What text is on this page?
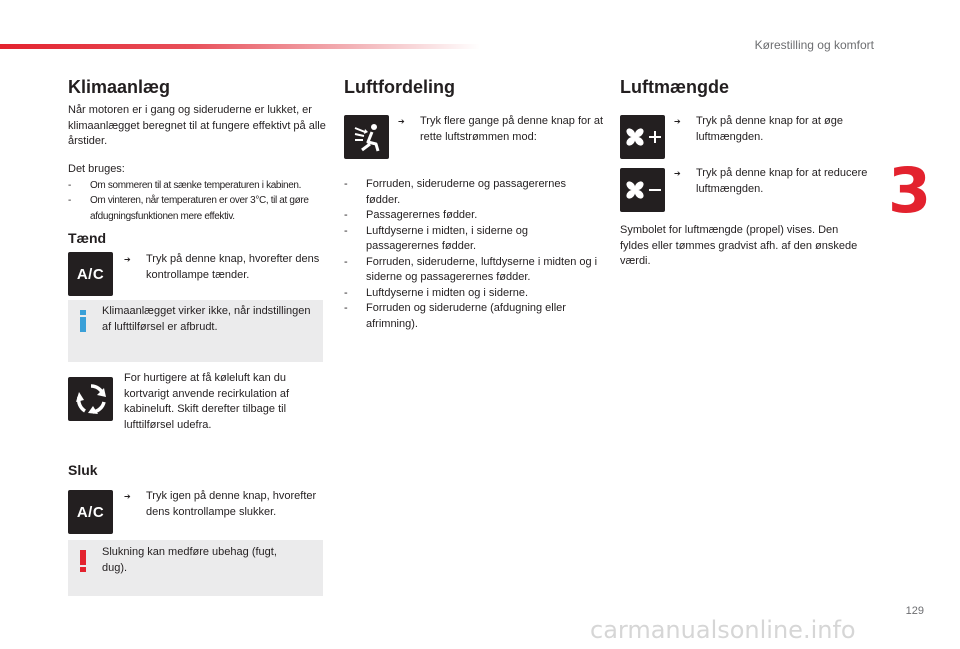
Kørestilling og komfort
3
Klimaanlæg
Når motoren er i gang og sideruderne er lukket, er klimaanlægget beregnet til at fungere effektivt på alle årstider.
Det bruges:
- Om sommeren til at sænke temperaturen i kabinen.
- Om vinteren, når temperaturen er over 3°C, til at gøre afdugningsfunktionen mere effektiv.
Tænd
A/C
➔ Tryk på denne knap, hvorefter dens kontrollampe tænder.
Klimaanlægget virker ikke, når indstillingen af lufttilførsel er afbrudt.
For hurtigere at få køleluft kan du kortvarigt anvende recirkulation af kabineluft. Skift derefter tilbage til lufttilførsel udefra.
Sluk
A/C
➔ Tryk igen på denne knap, hvorefter dens kontrollampe slukker.
Slukning kan medføre ubehag (fugt, dug).
Luftfordeling
➔ Tryk flere gange på denne knap for at rette luftstrømmen mod:
- Forruden, sideruderne og passagerernes fødder.
- Passagerernes fødder.
- Luftdyserne i midten, i siderne og passagerernes fødder.
- Forruden, sideruderne, luftdyserne i midten og i siderne og passagerernes fødder.
- Luftdyserne i midten og i siderne.
- Forruden og sideruderne (afdugning eller afrimning).
Luftmængde
➔ Tryk på denne knap for at øge luftmængden.
➔ Tryk på denne knap for at reducere luftmængden.
Symbolet for luftmængde (propel) vises. Den fyldes eller tømmes gradvist afh. af den ønskede værdi.
129
carmanualsonline.info
